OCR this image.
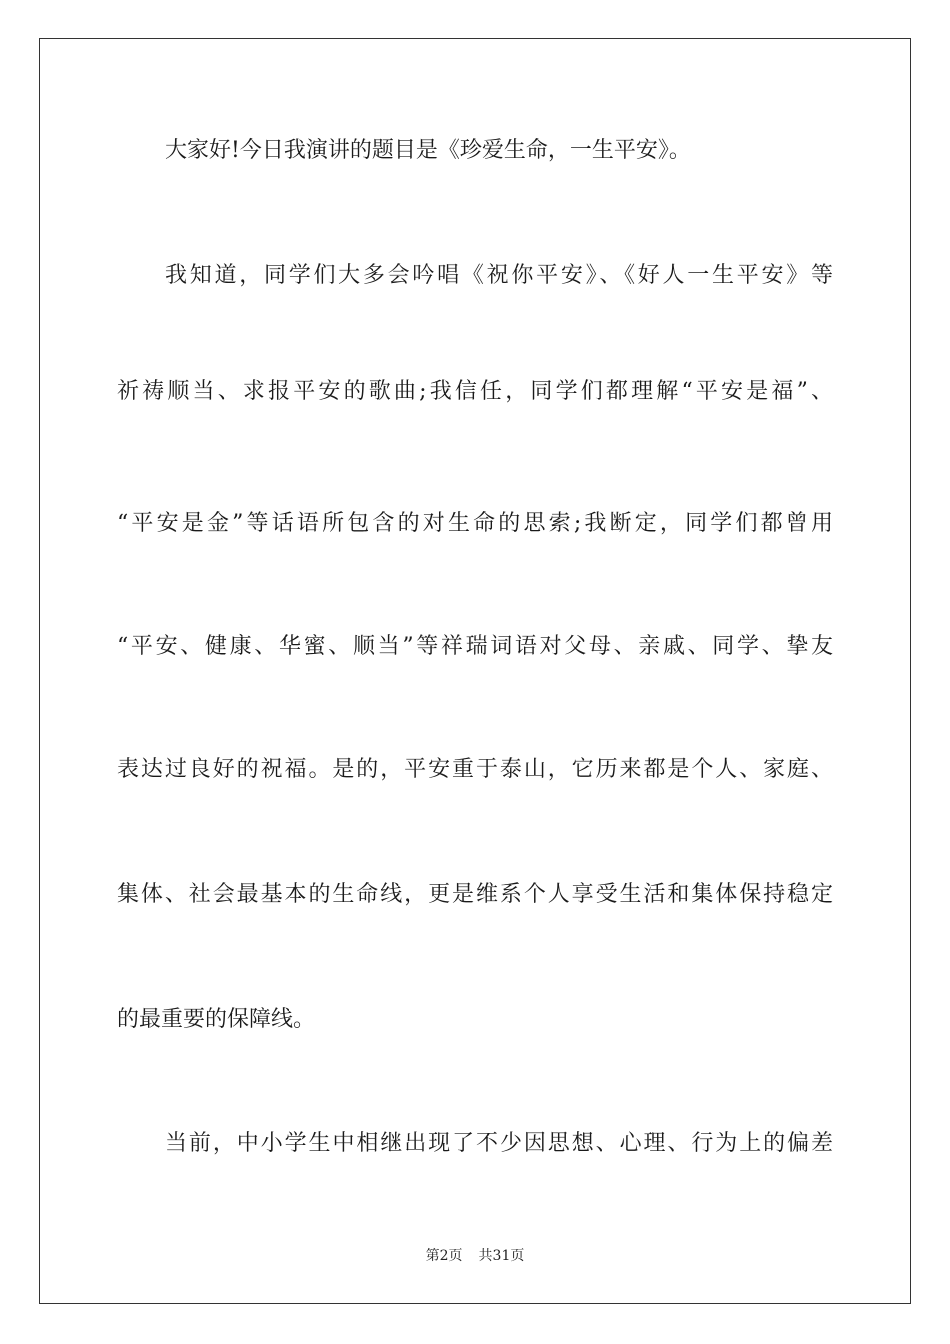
大家好!今日我演讲的题目是《珍爱生命，一生平安》。
我知道，同学们大多会吟唱《祝你平安》、《好人一生平安》等
祈祷顺当、求报平安的歌曲;我信任，同学们都理解“平安是福”、
“平安是金”等话语所包含的对生命的思索;我断定，同学们都曾用
“平安、健康、华蜜、顺当”等祥瑞词语对父母、亲戚、同学、挚友
表达过良好的祝福。是的，平安重于泰山，它历来都是个人、家庭、
集体、社会最基本的生命线，更是维系个人享受生活和集体保持稳定
的最重要的保障线。
当前，中小学生中相继出现了不少因思想、心理、行为上的偏差
第2页 共31页
